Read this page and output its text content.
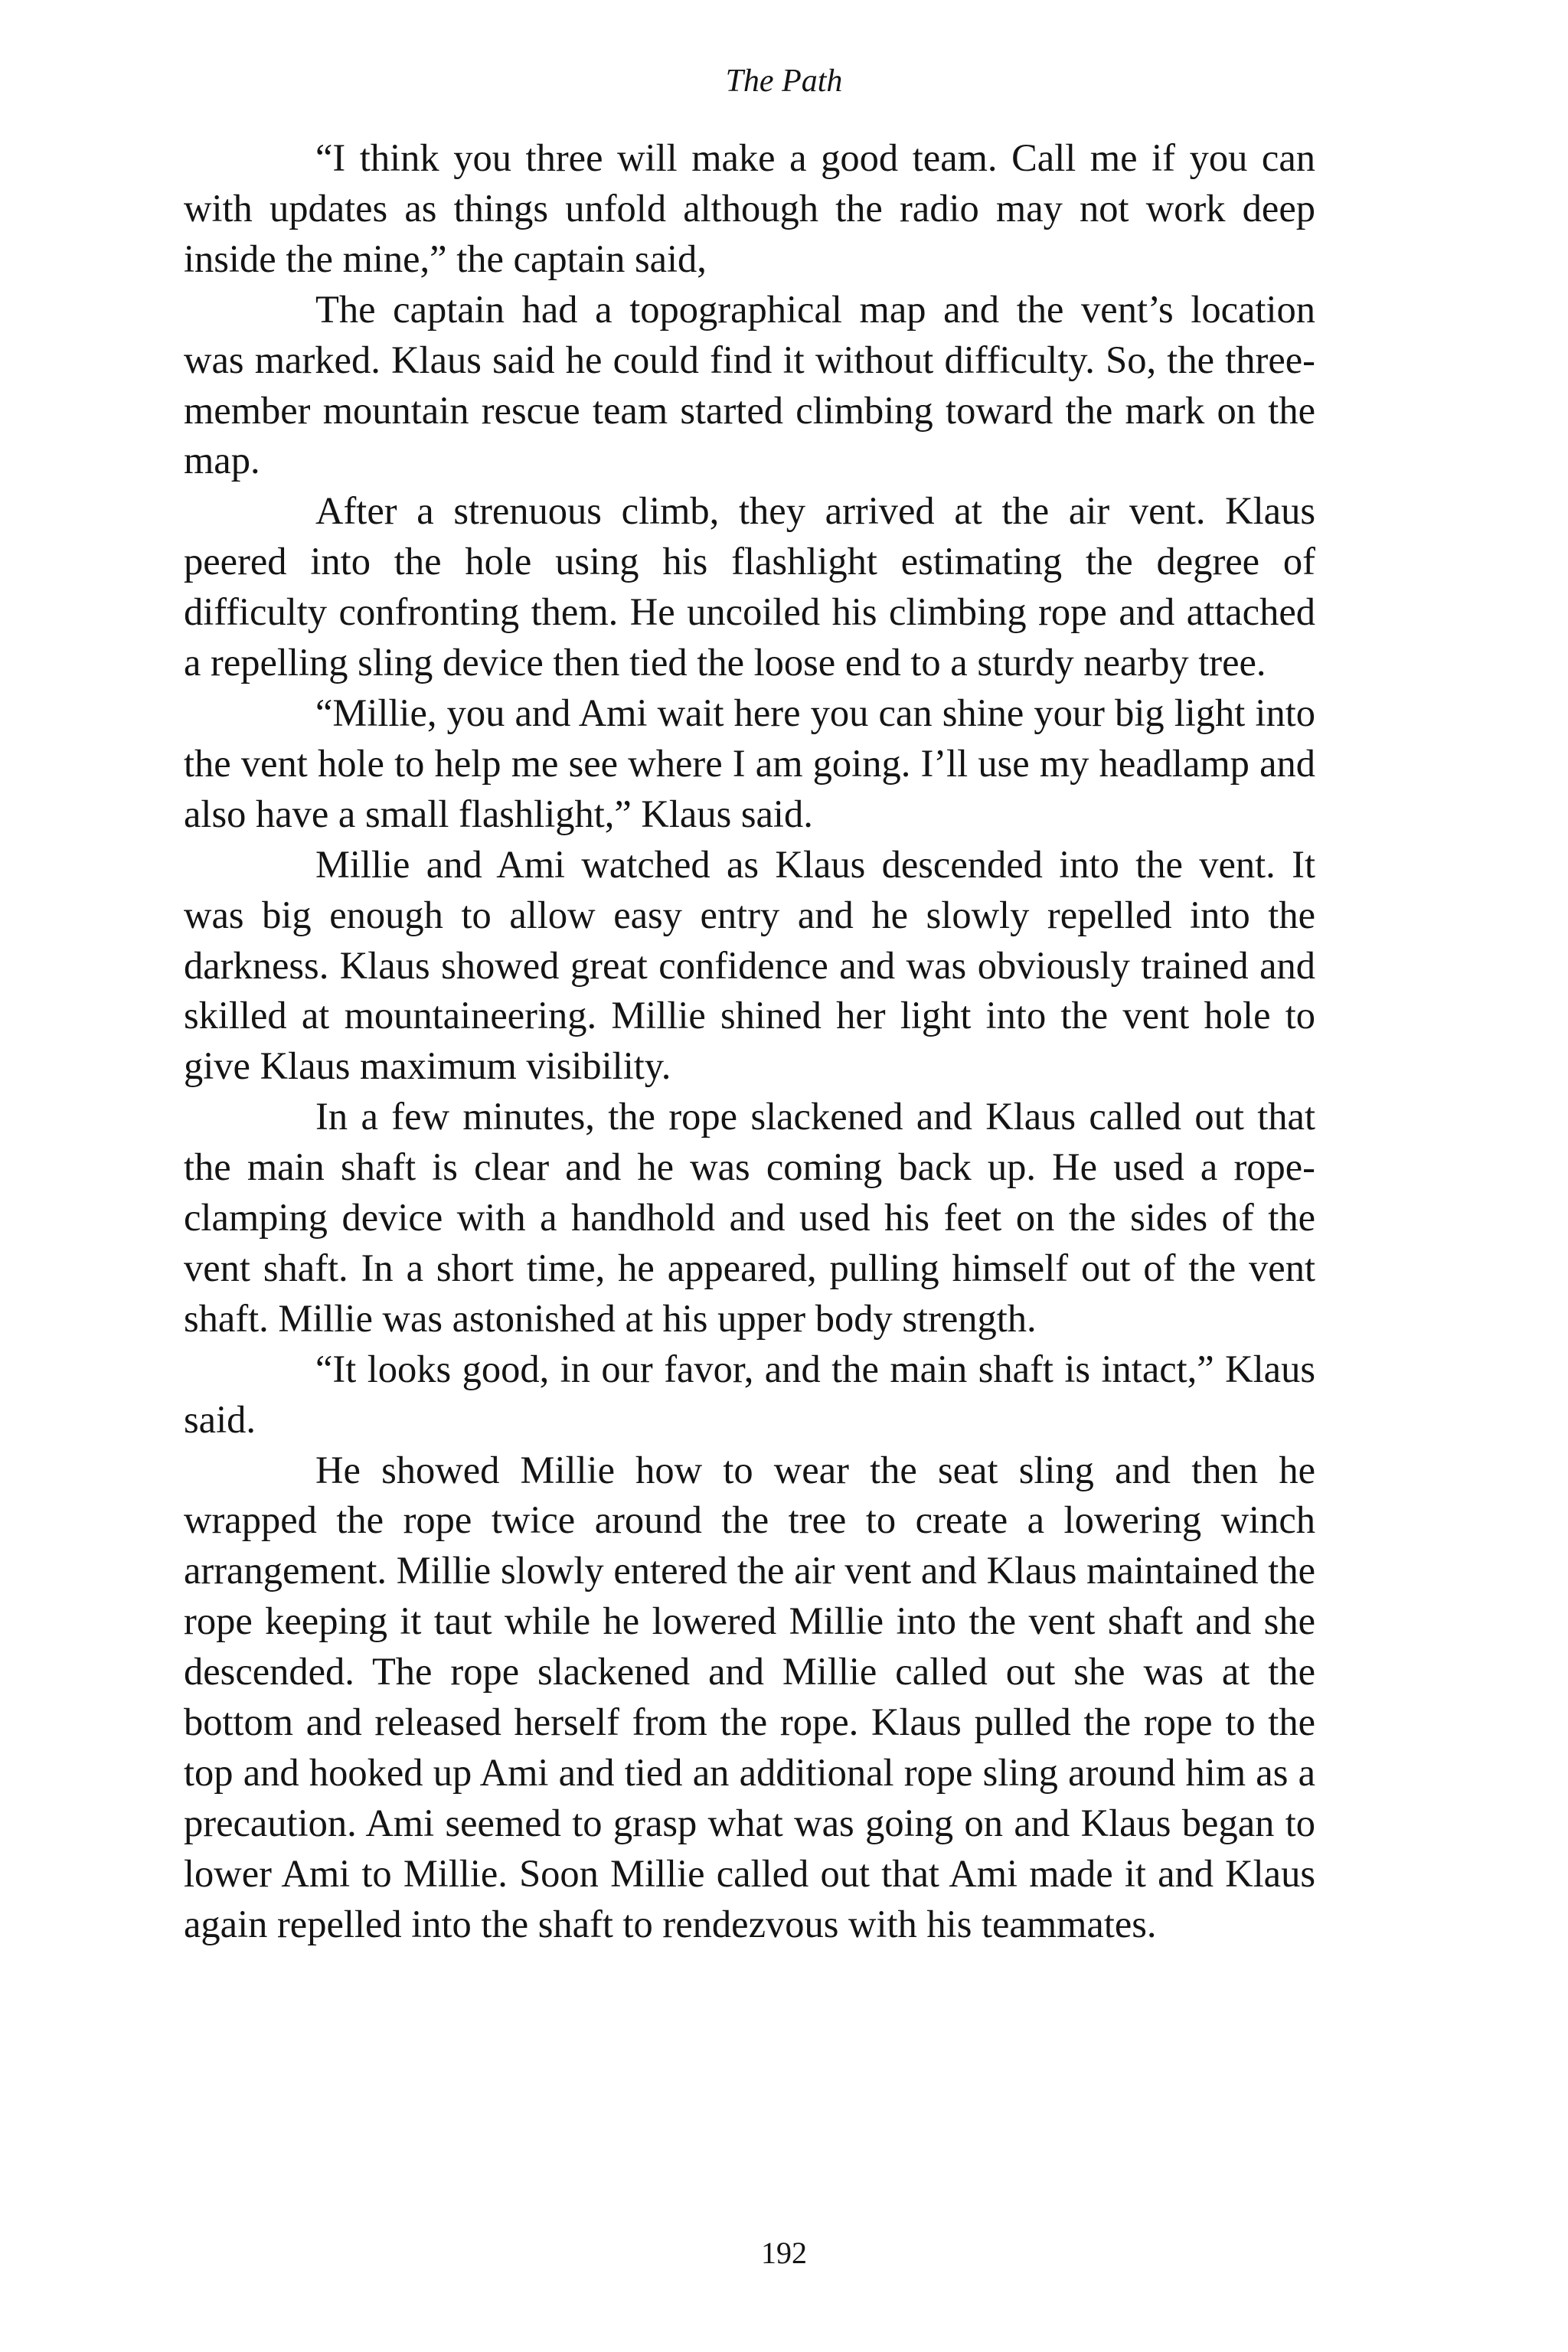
The Path

“I think you three will make a good team. Call me if you can with updates as things unfold although the radio may not work deep inside the mine,” the captain said,

The captain had a topographical map and the vent’s location was marked. Klaus said he could find it without difficulty. So, the three-member mountain rescue team started climbing toward the mark on the map.

After a strenuous climb, they arrived at the air vent. Klaus peered into the hole using his flashlight estimating the degree of difficulty confronting them. He uncoiled his climbing rope and attached a repelling sling device then tied the loose end to a sturdy nearby tree.

“Millie, you and Ami wait here you can shine your big light into the vent hole to help me see where I am going. I’ll use my headlamp and also have a small flashlight,” Klaus said.

Millie and Ami watched as Klaus descended into the vent. It was big enough to allow easy entry and he slowly repelled into the darkness. Klaus showed great confidence and was obviously trained and skilled at mountaineering. Millie shined her light into the vent hole to give Klaus maximum visibility.

In a few minutes, the rope slackened and Klaus called out that the main shaft is clear and he was coming back up. He used a rope-clamping device with a handhold and used his feet on the sides of the vent shaft. In a short time, he appeared, pulling himself out of the vent shaft. Millie was astonished at his upper body strength.

“It looks good, in our favor, and the main shaft is intact,” Klaus said.

He showed Millie how to wear the seat sling and then he wrapped the rope twice around the tree to create a lowering winch arrangement. Millie slowly entered the air vent and Klaus maintained the rope keeping it taut while he lowered Millie into the vent shaft and she descended. The rope slackened and Millie called out she was at the bottom and released herself from the rope. Klaus pulled the rope to the top and hooked up Ami and tied an additional rope sling around him as a precaution. Ami seemed to grasp what was going on and Klaus began to lower Ami to Millie. Soon Millie called out that Ami made it and Klaus again repelled into the shaft to rendezvous with his teammates.

192
